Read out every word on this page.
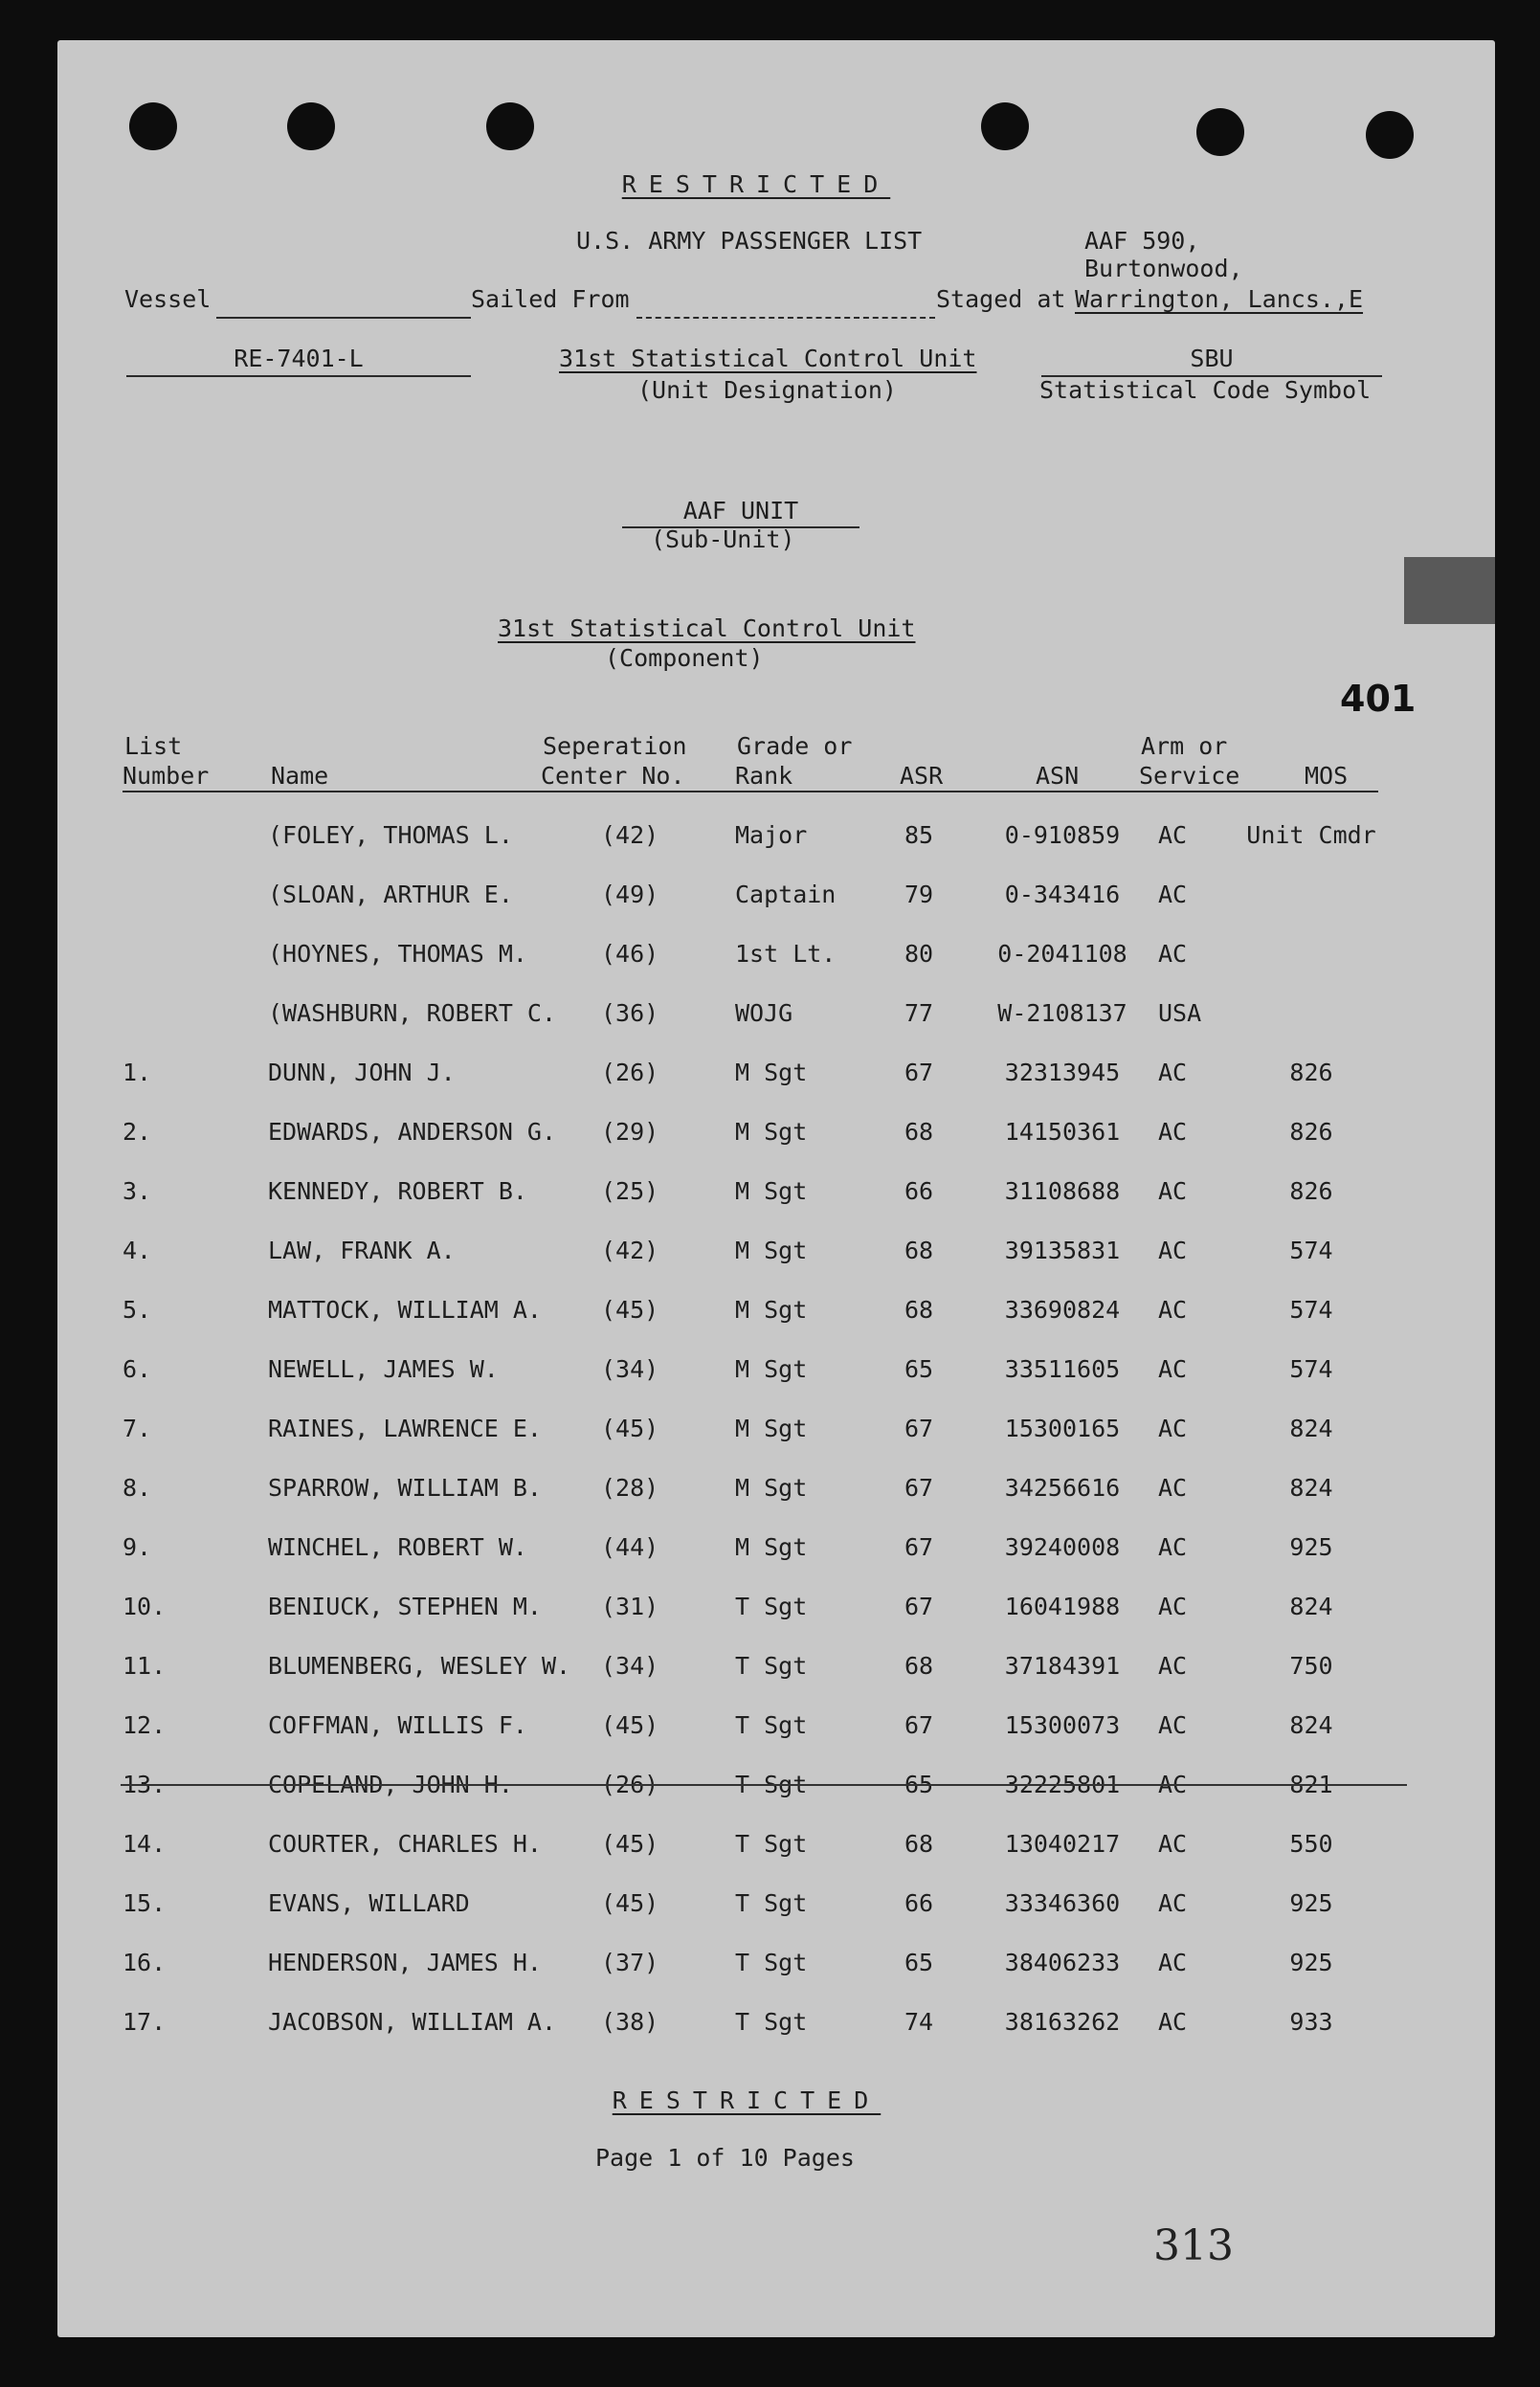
RESTRICTED
U.S. ARMY PASSENGER LIST	AAF 590,
Burtonwood,
Vessel	Sailed From	Staged at Warrington, Lancs.,E
RE-7401-L	31st Statistical Control Unit
(Unit Designation)
SBU
Statistical Code Symbol
AAF UNIT
(Sub-Unit)
31st Statistical Control Unit
(Component)
401
List
Number	Name
Seperation
Center No.
Grade or
Rank	ASR	ASN
Arm or
Service	MOS
(FOLEY, THOMAS L.	(42)	Major	85	0-910859	AC	Unit Cmdr
(SLOAN, ARTHUR E.	(49)	Captain	79	0-343416	AC
(HOYNES, THOMAS M.	(46)	1st Lt.	80	0-2041108	AC
(WASHBURN, ROBERT C.	(36)	WOJG	77	W-2108137	USA
1.	DUNN, JOHN J.	(26)	M Sgt	67	32313945	AC	826
2.	EDWARDS, ANDERSON G.	(29)	M Sgt	68	14150361	AC	826
3.	KENNEDY, ROBERT B.	(25)	M Sgt	66	31108688	AC	826
4.	LAW, FRANK A.	(42)	M Sgt	68	39135831	AC	574
5.	MATTOCK, WILLIAM A.	(45)	M Sgt	68	33690824	AC	574
6.	NEWELL, JAMES W.	(34)	M Sgt	65	33511605	AC	574
7.	RAINES, LAWRENCE E.	(45)	M Sgt	67	15300165	AC	824
8.	SPARROW, WILLIAM B.	(28)	M Sgt	67	34256616	AC	824
9.	WINCHEL, ROBERT W.	(44)	M Sgt	67	39240008	AC	925
10.	BENIUCK, STEPHEN M.	(31)	T Sgt	67	16041988	AC	824
11.	BLUMENBERG, WESLEY W.	(34)	T Sgt	68	37184391	AC	750
12.	COFFMAN, WILLIS F.	(45)	T Sgt	67	15300073	AC	824
13.	COPELAND, JOHN H.	(26)	T Sgt	65	32225801	AC	821
14.	COURTER, CHARLES H.	(45)	T Sgt	68	13040217	AC	550
15.	EVANS, WILLARD	(45)	T Sgt	66	33346360	AC	925
16.	HENDERSON, JAMES H.	(37)	T Sgt	65	38406233	AC	925
17.	JACOBSON, WILLIAM A.	(38)	T Sgt	74	38163262	AC	933
RESTRICTED
Page 1 of 10 Pages
313
